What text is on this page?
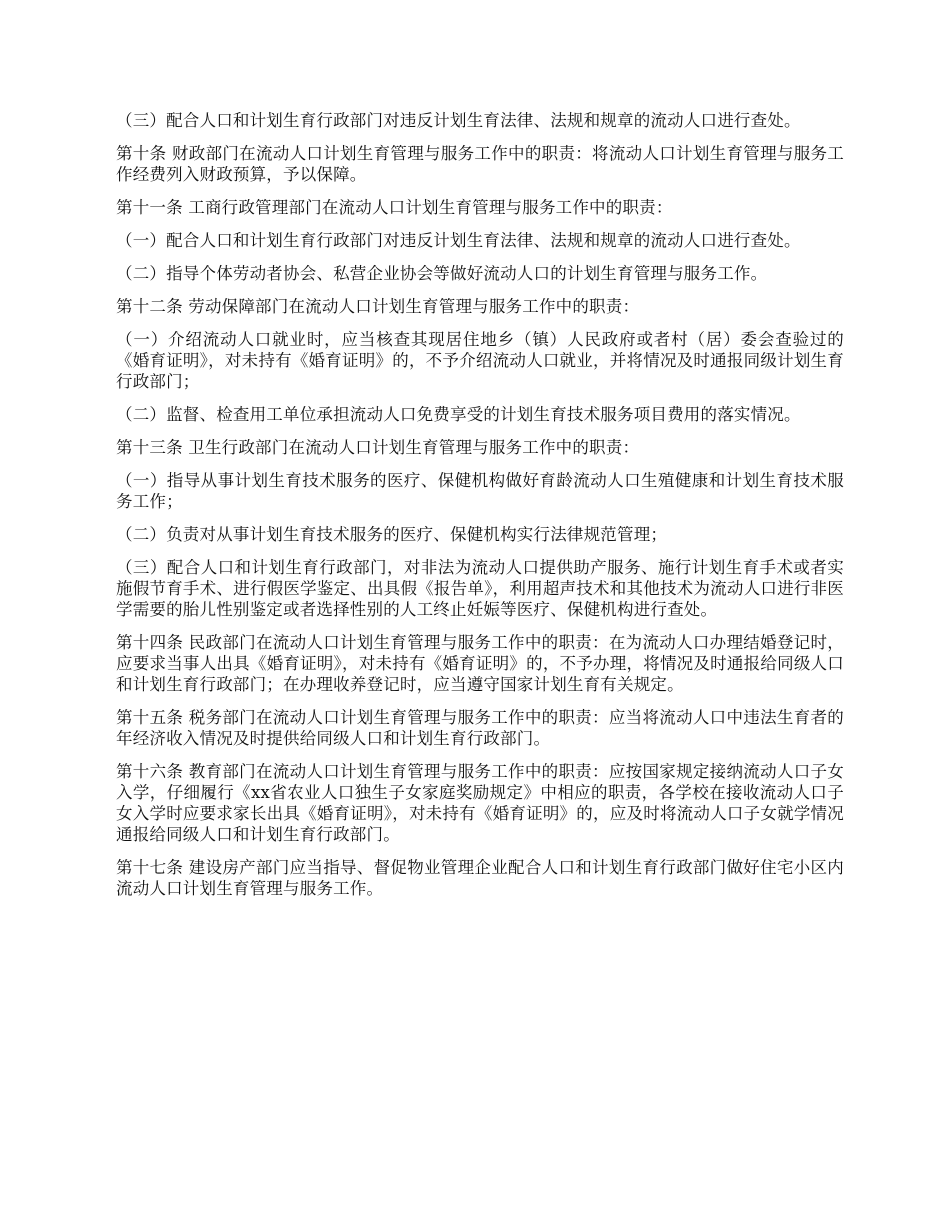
（三）配合人口和计划生育行政部门对违反计划生育法律、法规和规章的流动人口进行查处。

第十条 财政部门在流动人口计划生育管理与服务工作中的职责：将流动人口计划生育管理与服务工作经费列入财政预算，予以保障。

第十一条 工商行政管理部门在流动人口计划生育管理与服务工作中的职责：

（一）配合人口和计划生育行政部门对违反计划生育法律、法规和规章的流动人口进行查处。

（二）指导个体劳动者协会、私营企业协会等做好流动人口的计划生育管理与服务工作。

第十二条 劳动保障部门在流动人口计划生育管理与服务工作中的职责：

（一）介绍流动人口就业时，应当核查其现居住地乡（镇）人民政府或者村（居）委会查验过的《婚育证明》，对未持有《婚育证明》的，不予介绍流动人口就业，并将情况及时通报同级计划生育行政部门；

（二）监督、检查用工单位承担流动人口免费享受的计划生育技术服务项目费用的落实情况。

第十三条 卫生行政部门在流动人口计划生育管理与服务工作中的职责：

（一）指导从事计划生育技术服务的医疗、保健机构做好育龄流动人口生殖健康和计划生育技术服务工作；

（二）负责对从事计划生育技术服务的医疗、保健机构实行法律规范管理；

（三）配合人口和计划生育行政部门，对非法为流动人口提供助产服务、施行计划生育手术或者实施假节育手术、进行假医学鉴定、出具假《报告单》，利用超声技术和其他技术为流动人口进行非医学需要的胎儿性别鉴定或者选择性别的人工终止妊娠等医疗、保健机构进行查处。

第十四条 民政部门在流动人口计划生育管理与服务工作中的职责：在为流动人口办理结婚登记时，应要求当事人出具《婚育证明》，对未持有《婚育证明》的，不予办理，将情况及时通报给同级人口和计划生育行政部门；在办理收养登记时，应当遵守国家计划生育有关规定。

第十五条 税务部门在流动人口计划生育管理与服务工作中的职责：应当将流动人口中违法生育者的年经济收入情况及时提供给同级人口和计划生育行政部门。

第十六条 教育部门在流动人口计划生育管理与服务工作中的职责：应按国家规定接纳流动人口子女入学，仔细履行《xx省农业人口独生子女家庭奖励规定》中相应的职责，各学校在接收流动人口子女入学时应要求家长出具《婚育证明》，对未持有《婚育证明》的，应及时将流动人口子女就学情况通报给同级人口和计划生育行政部门。

第十七条 建设房产部门应当指导、督促物业管理企业配合人口和计划生育行政部门做好住宅小区内流动人口计划生育管理与服务工作。
